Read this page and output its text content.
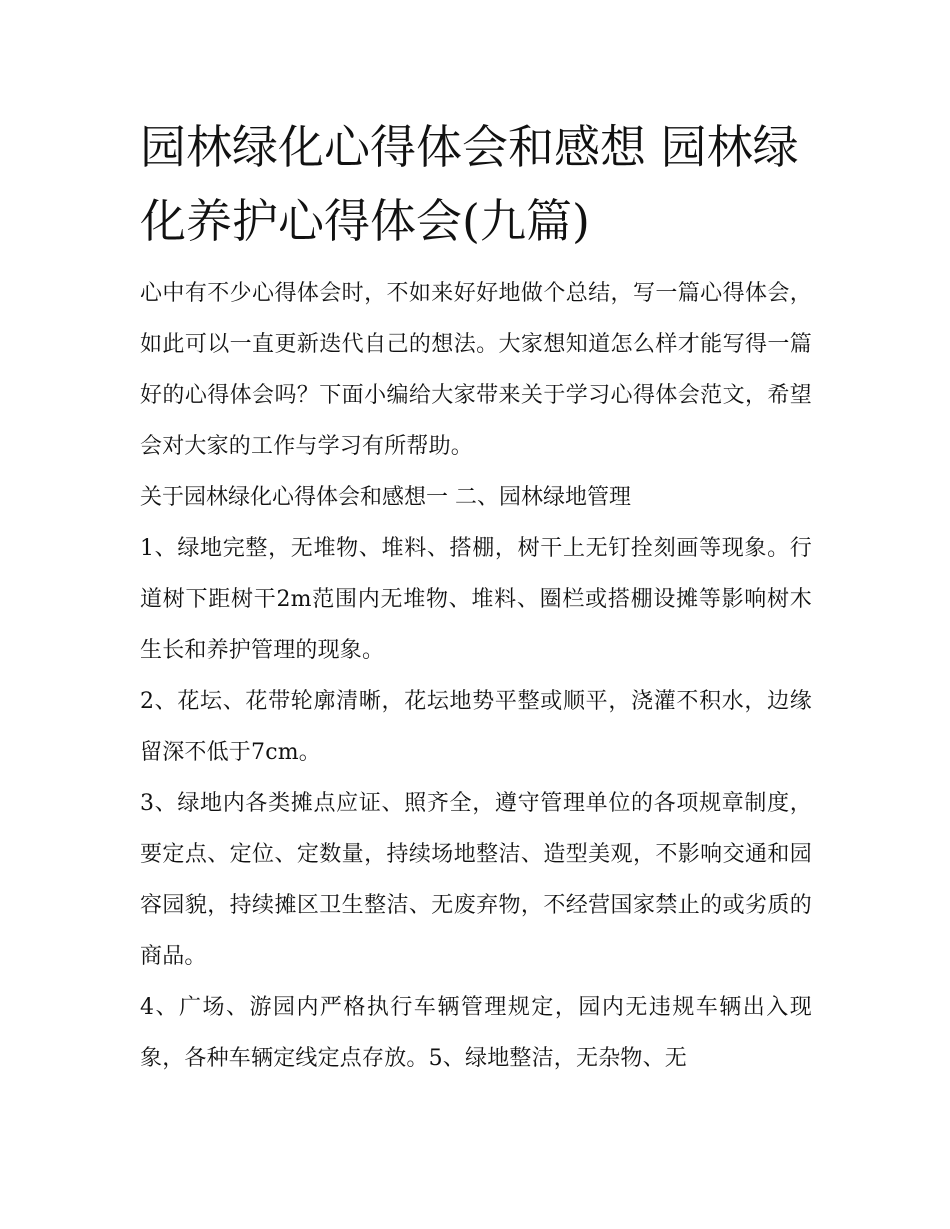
园林绿化心得体会和感想 园林绿化养护心得体会(九篇)

心中有不少心得体会时，不如来好好地做个总结，写一篇心得体会，如此可以一直更新迭代自己的想法。大家想知道怎么样才能写得一篇好的心得体会吗？下面小编给大家带来关于学习心得体会范文，希望会对大家的工作与学习有所帮助。

关于园林绿化心得体会和感想一 二、园林绿地管理

1、绿地完整，无堆物、堆料、搭棚，树干上无钉拴刻画等现象。行道树下距树干2m范围内无堆物、堆料、圈栏或搭棚设摊等影响树木生长和养护管理的现象。

2、花坛、花带轮廓清晰，花坛地势平整或顺平，浇灌不积水，边缘留深不低于7cm。

3、绿地内各类摊点应证、照齐全，遵守管理单位的各项规章制度，要定点、定位、定数量，持续场地整洁、造型美观，不影响交通和园容园貌，持续摊区卫生整洁、无废弃物，不经营国家禁止的或劣质的商品。

4、广场、游园内严格执行车辆管理规定，园内无违规车辆出入现象，各种车辆定线定点存放。5、绿地整洁，无杂物、无
